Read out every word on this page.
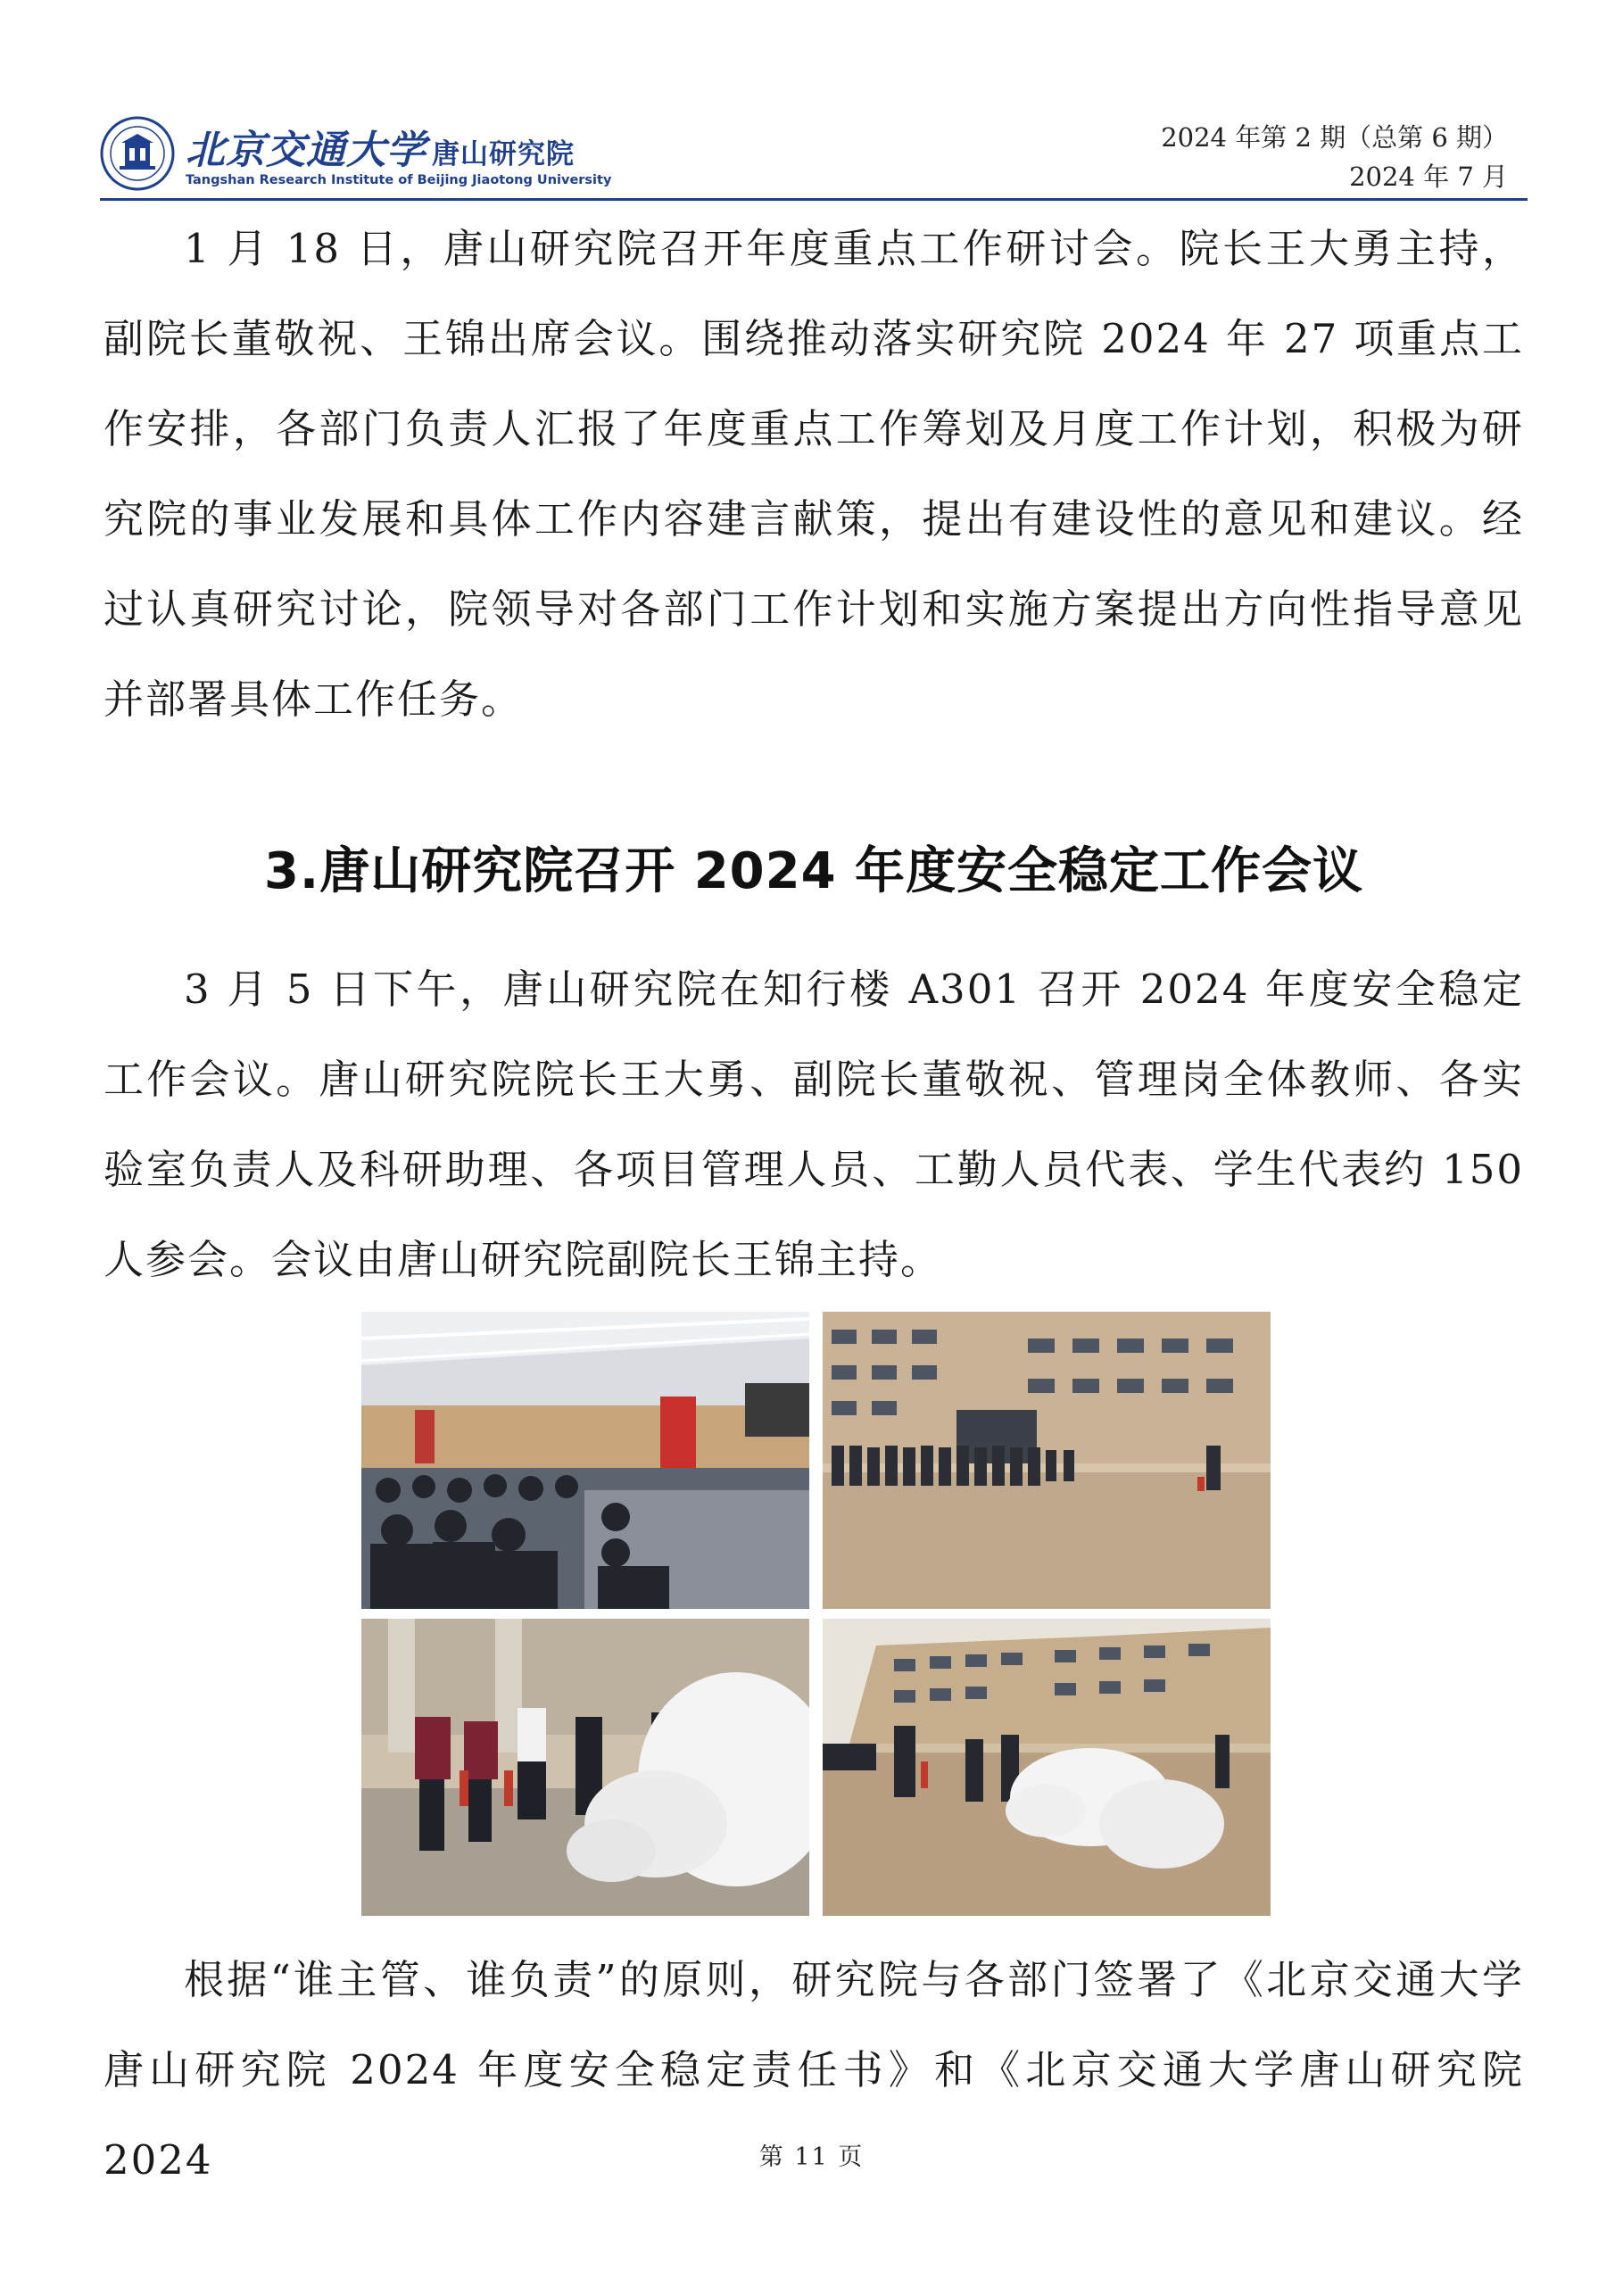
北京交通大学 唐山研究院
Tangshan Research Institute of Beijing Jiaotong University
2024 年第 2 期（总第 6 期）
2024 年 7 月

1 月 18 日，唐山研究院召开年度重点工作研讨会。院长王大勇主持，副院长董敬祝、王锦出席会议。围绕推动落实研究院 2024 年 27 项重点工作安排，各部门负责人汇报了年度重点工作筹划及月度工作计划，积极为研究院的事业发展和具体工作内容建言献策，提出有建设性的意见和建议。经过认真研究讨论，院领导对各部门工作计划和实施方案提出方向性指导意见并部署具体工作任务。

3.唐山研究院召开 2024 年度安全稳定工作会议

3 月 5 日下午，唐山研究院在知行楼 A301 召开 2024 年度安全稳定工作会议。唐山研究院院长王大勇、副院长董敬祝、管理岗全体教师、各实验室负责人及科研助理、各项目管理人员、工勤人员代表、学生代表约 150 人参会。会议由唐山研究院副院长王锦主持。

根据“谁主管、谁负责”的原则，研究院与各部门签署了《北京交通大学唐山研究院 2024 年度安全稳定责任书》和《北京交通大学唐山研究院 2024	第 11 页
